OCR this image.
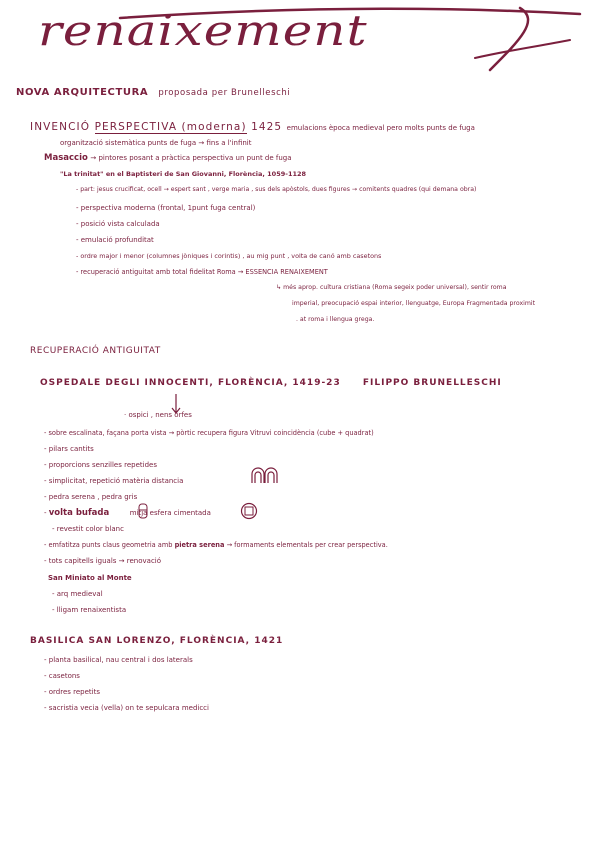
renaixement
NOVA ARQUITECTURA proposada per Brunelleschi
INVENCIÓ PERSPECTIVA (moderna) 1425 emulacions època medieval pero molts punts de fuga
organització sistemàtica punts de fuga → fins a l'infinit
Masaccio → pintores posant a pràctica perspectiva un punt de fuga
"La trinitat" en el Baptisteri de San Giovanni, Florència, 1059-1128
- part: jesus crucificat, ocell → espert sant , verge maria , sus dels apòstols, dues figures → comitents quadres (qui demana obra)
- perspectiva moderna (frontal, 1punt fuga central)
- posició vista calculada
- emulació profunditat
- ordre major i menor (columnes jòniques i corintis) , au mig punt , volta de canó amb casetons
- recuperació antiguitat amb total fidelitat Roma → ESSENCIA RENAIXEMENT
↳ més aprop. cultura cristiana (Roma segeix poder universal), sentir roma
imperial, preocupació espai interior, llenguatge, Europa Fragmentada proximit
. at roma i llengua grega.
RECUPERACIÓ ANTIGUITAT
OSPEDALE DEGLI INNOCENTI, FLORÈNCIA, 1419-23 FILIPPO BRUNELLESCHI
· ospici , nens orfes
- sobre escalinata, façana porta vista → pòrtic recupera figura Vitruvi coincidència (cube + quadrat)
- pilars cantits
- proporcions senzilles repetides
- simplicitat, repetició matèria distancia
- pedra serena , pedra gris
- volta bufada	mitja esfera cimentada
- revestit color blanc
- emfatitza punts claus geometria amb pietra serena → formaments elementals per crear perspectiva.
- tots capitells iguals → renovació
San Miniato al Monte
- arq medieval
- lligam renaixentista
BASILICA SAN LORENZO, FLORÈNCIA, 1421
- planta basilical, nau central i dos laterals
- casetons
- ordres repetits
- sacristia vecia (vella) on te sepulcara medicci
